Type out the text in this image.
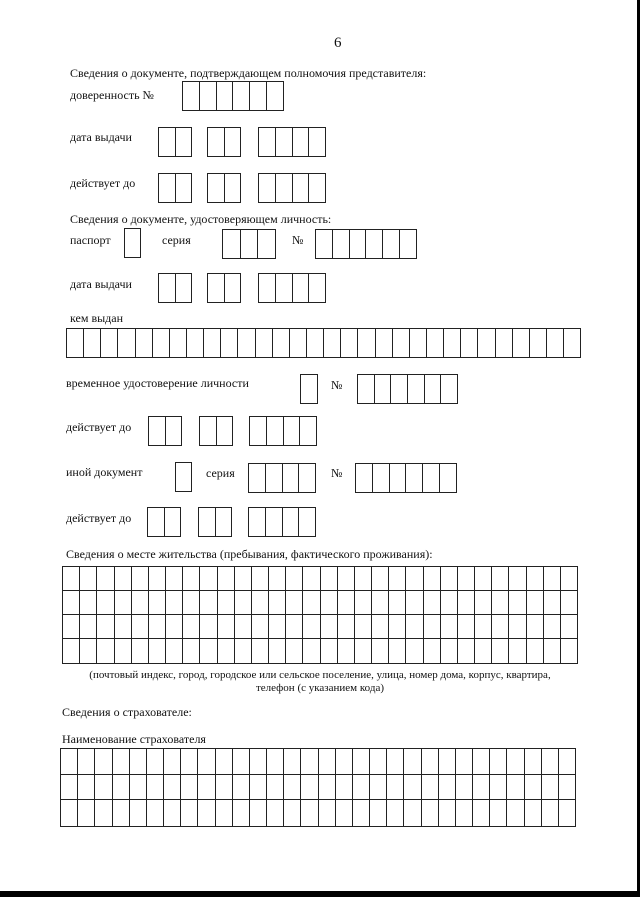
6
Сведения о документе, подтверждающем полномочия представителя:
доверенность №
дата выдачи
действует до
Сведения о документе, удостоверяющем личность:
паспорт	серия	№
дата выдачи
кем выдан
временное удостоверение личности	№
действует до
иной документ	серия	№
действует до
Сведения о месте жительства (пребывания, фактического проживания):
(почтовый индекс, город, городское или сельское поселение, улица, номер дома, корпус, квартира,
телефон (с указанием кода)
Сведения о страхователе:
Наименование страхователя
